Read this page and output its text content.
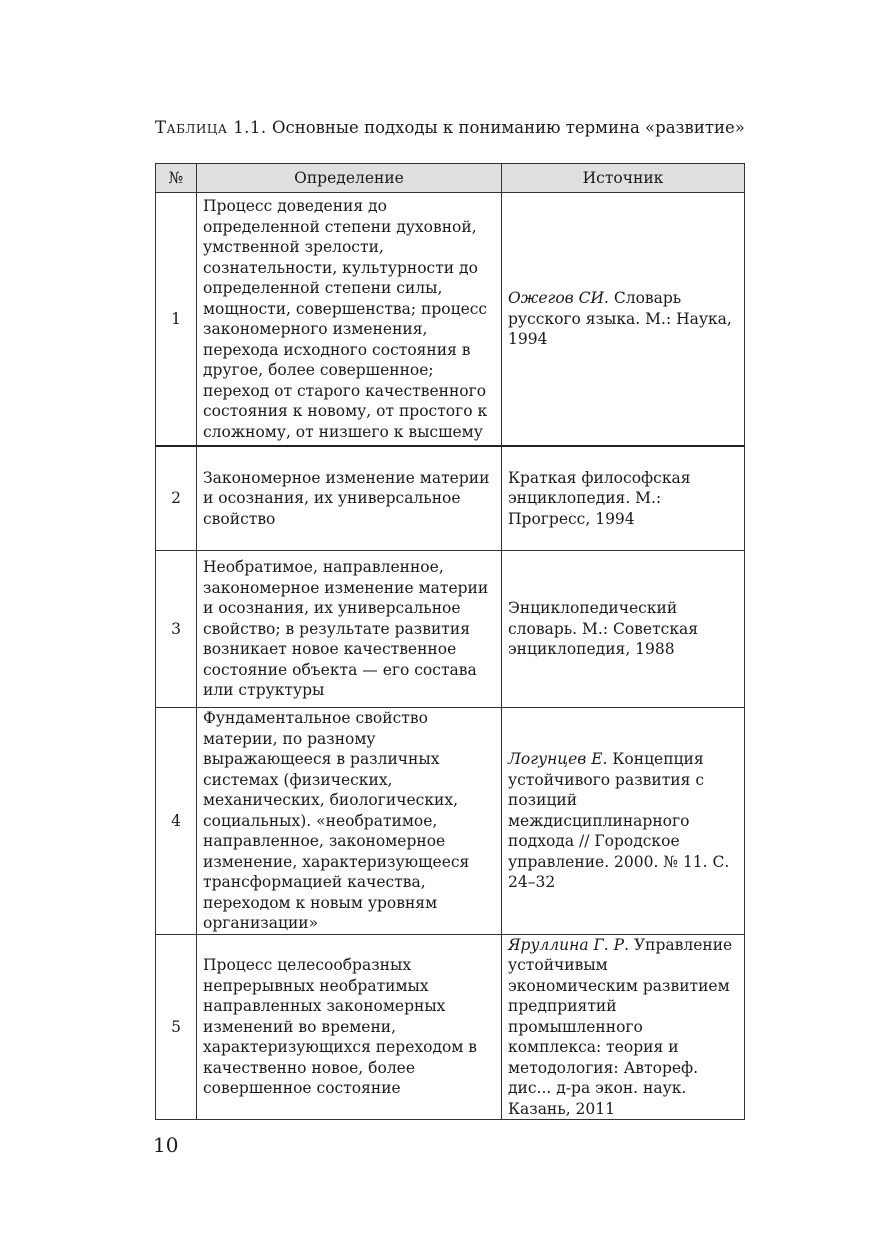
Таблица 1.1. Основные подходы к пониманию термина «развитие»
№	Определение	Источник
1	Процесс доведения до определенной степени духовной, умственной зрелости, сознательности, культурности до определенной степени силы, мощности, совершенства; процесс закономерного изменения, перехода исходного состояния в другое, более совершенное; переход от старого качественного состояния к новому, от простого к сложному, от низшего к высшему	Ожегов СИ. Словарь русского языка. М.: Наука, 1994
2	Закономерное изменение материи и осознания, их универсальное свойство	Краткая философская энциклопедия. М.: Прогресс, 1994
3	Необратимое, направленное, закономерное изменение материи и осознания, их универсальное свойство; в результате развития возникает новое качественное состояние объекта — его состава или структуры	Энциклопедический словарь. М.: Советская энциклопедия, 1988
4	Фундаментальное свойство материи, по разному выражающееся в различных системах (физических, механических, биологических, социальных). «необратимое, направленное, закономерное изменение, характеризующееся трансформацией качества, переходом к новым уровням организации»	Логунцев Е. Концепция устойчивого развития с позиций междисциплинарного подхода // Городское управление. 2000. № 11. С. 24–32
5	Процесс целесообразных непрерывных необратимых направленных закономерных изменений во времени, характеризующихся переходом в качественно новое, более совершенное состояние	Яруллина Г. Р. Управление устойчивым экономическим развитием предприятий промышленного комплекса: теория и методология: Автореф. дис... д-ра экон. наук. Казань, 2011
10
